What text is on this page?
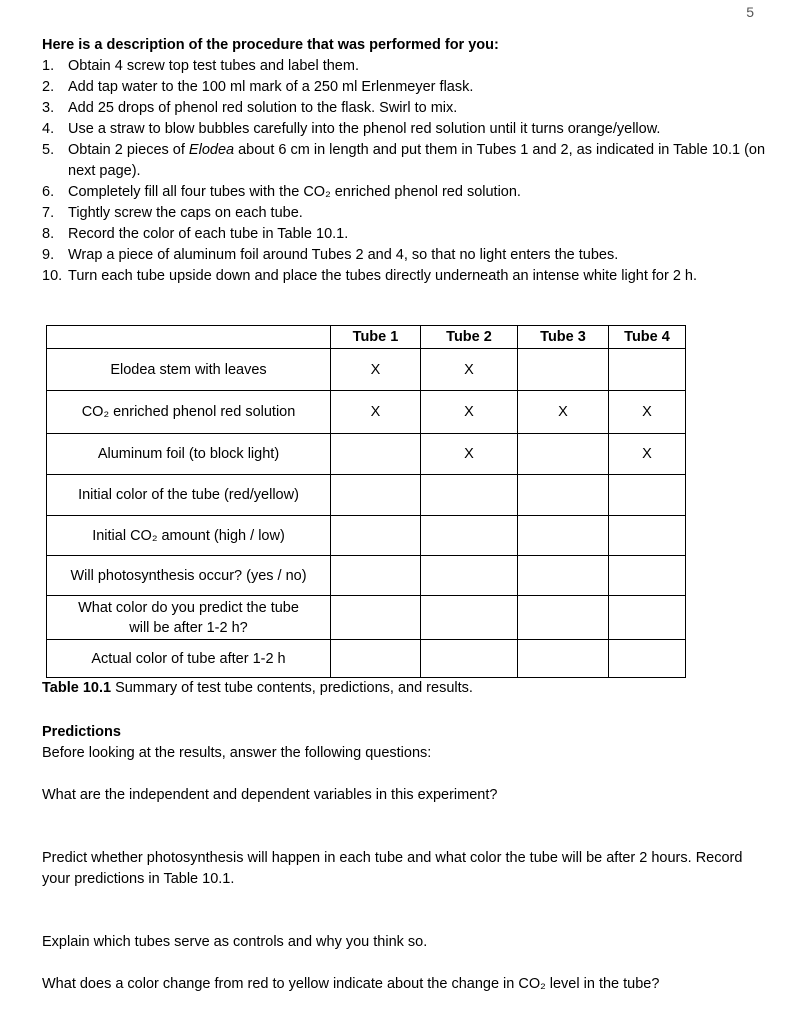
5
Here is a description of the procedure that was performed for you:
1. Obtain 4 screw top test tubes and label them.
2. Add tap water to the 100 ml mark of a 250 ml Erlenmeyer flask.
3. Add 25 drops of phenol red solution to the flask. Swirl to mix.
4. Use a straw to blow bubbles carefully into the phenol red solution until it turns orange/yellow.
5. Obtain 2 pieces of Elodea about 6 cm in length and put them in Tubes 1 and 2, as indicated in Table 10.1 (on next page).
6. Completely fill all four tubes with the CO₂ enriched phenol red solution.
7. Tightly screw the caps on each tube.
8. Record the color of each tube in Table 10.1.
9. Wrap a piece of aluminum foil around Tubes 2 and 4, so that no light enters the tubes.
10. Turn each tube upside down and place the tubes directly underneath an intense white light for 2 h.
	Tube 1	Tube 2	Tube 3	Tube 4
Elodea stem with leaves	X	X		
CO₂ enriched phenol red solution	X	X	X	X
Aluminum foil (to block light)		X		X
Initial color of the tube (red/yellow)				
Initial CO₂ amount (high / low)				
Will photosynthesis occur? (yes / no)				
What color do you predict the tube will be after 1-2 h?				
Actual color of tube after 1-2 h				
Table 10.1 Summary of test tube contents, predictions, and results.
Predictions
Before looking at the results, answer the following questions:
What are the independent and dependent variables in this experiment?
Predict whether photosynthesis will happen in each tube and what color the tube will be after 2 hours. Record your predictions in Table 10.1.
Explain which tubes serve as controls and why you think so.
What does a color change from red to yellow indicate about the change in CO₂ level in the tube?
